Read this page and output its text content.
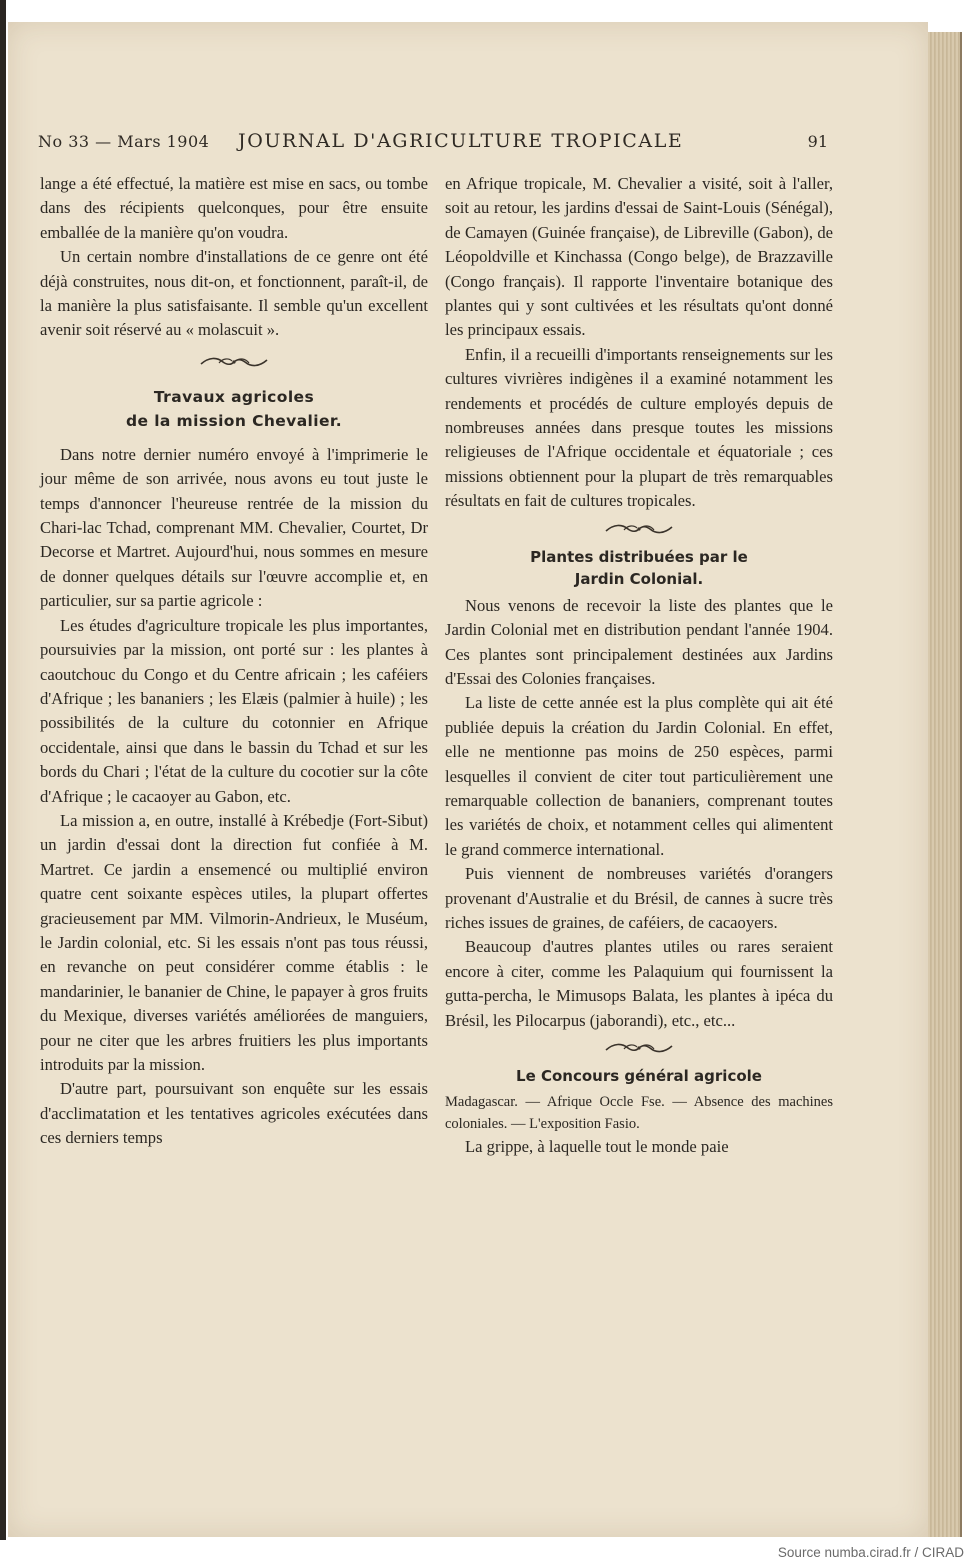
No 33 — Mars 1904 JOURNAL D'AGRICULTURE TROPICALE	91

lange a été effectué, la matière est mise en sacs, ou tombe dans des récipients quelconques, pour être ensuite emballée de la manière qu'on voudra.

Un certain nombre d'installations de ce genre ont été déjà construites, nous dit-on, et fonctionnent, paraît-il, de la manière la plus satisfaisante. Il semble qu'un excellent avenir soit réservé au « molascuit ».

Travaux agricoles
de la mission Chevalier.

Dans notre dernier numéro envoyé à l'imprimerie le jour même de son arrivée, nous avons eu tout juste le temps d'annoncer l'heureuse rentrée de la mission du Chari-lac Tchad, comprenant MM. Chevalier, Courtet, Dr Decorse et Martret. Aujourd'hui, nous sommes en mesure de donner quelques détails sur l'œuvre accomplie et, en particulier, sur sa partie agricole :

Les études d'agriculture tropicale les plus importantes, poursuivies par la mission, ont porté sur : les plantes à caoutchouc du Congo et du Centre africain ; les caféiers d'Afrique ; les bananiers ; les Elæis (palmier à huile) ; les possibilités de la culture du cotonnier en Afrique occidentale, ainsi que dans le bassin du Tchad et sur les bords du Chari ; l'état de la culture du cocotier sur la côte d'Afrique ; le cacaoyer au Gabon, etc.

La mission a, en outre, installé à Krébedje (Fort-Sibut) un jardin d'essai dont la direction fut confiée à M. Martret. Ce jardin a ensemencé ou multiplié environ quatre cent soixante espèces utiles, la plupart offertes gracieusement par MM. Vilmorin-Andrieux, le Muséum, le Jardin colonial, etc. Si les essais n'ont pas tous réussi, en revanche on peut considérer comme établis : le mandarinier, le bananier de Chine, le papayer à gros fruits du Mexique, diverses variétés améliorées de manguiers, pour ne citer que les arbres fruitiers les plus importants introduits par la mission.

D'autre part, poursuivant son enquête sur les essais d'acclimatation et les tentatives agricoles exécutées dans ces derniers temps

en Afrique tropicale, M. Chevalier a visité, soit à l'aller, soit au retour, les jardins d'essai de Saint-Louis (Sénégal), de Camayen (Guinée française), de Libreville (Gabon), de Léopoldville et Kinchassa (Congo belge), de Brazzaville (Congo français). Il rapporte l'inventaire botanique des plantes qui y sont cultivées et les résultats qu'ont donné les principaux essais.

Enfin, il a recueilli d'importants renseignements sur les cultures vivrières indigènes il a examiné notamment les rendements et procédés de culture employés depuis de nombreuses années dans presque toutes les missions religieuses de l'Afrique occidentale et équatoriale ; ces missions obtiennent pour la plupart de très remarquables résultats en fait de cultures tropicales.

Plantes distribuées par le
Jardin Colonial.

Nous venons de recevoir la liste des plantes que le Jardin Colonial met en distribution pendant l'année 1904. Ces plantes sont principalement destinées aux Jardins d'Essai des Colonies françaises.

La liste de cette année est la plus complète qui ait été publiée depuis la création du Jardin Colonial. En effet, elle ne mentionne pas moins de 250 espèces, parmi lesquelles il convient de citer tout particulièrement une remarquable collection de bananiers, comprenant toutes les variétés de choix, et notamment celles qui alimentent le grand commerce international.

Puis viennent de nombreuses variétés d'orangers provenant d'Australie et du Brésil, de cannes à sucre très riches issues de graines, de caféiers, de cacaoyers.

Beaucoup d'autres plantes utiles ou rares seraient encore à citer, comme les Palaquium qui fournissent la gutta-percha, le Mimusops Balata, les plantes à ipéca du Brésil, les Pilocarpus (jaborandi), etc., etc...

Le Concours général agricole

Madagascar. — Afrique Occle Fse. — Absence des machines coloniales. — L'exposition Fasio.

La grippe, à laquelle tout le monde paie

Source numba.cirad.fr / CIRAD
